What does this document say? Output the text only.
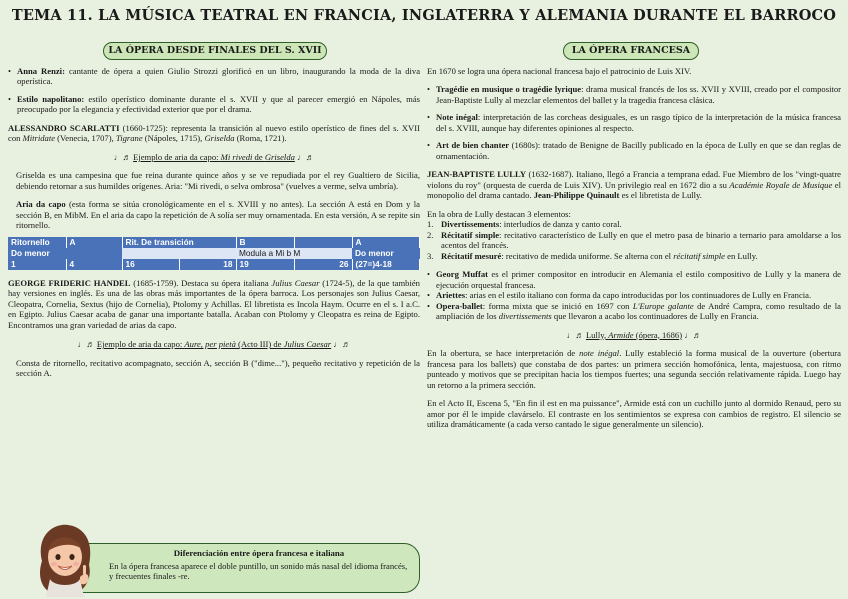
TEMA 11. LA MÚSICA TEATRAL EN FRANCIA, INGLATERRA Y ALEMANIA DURANTE EL BARROCO
LA ÓPERA DESDE FINALES DEL S. XVII	LA ÓPERA FRANCESA
• Anna Renzi: cantante de ópera a quien Giulio Strozzi glorificó en un libro, inaugurando la moda de la diva operística.
• Estilo napolitano: estilo operístico dominante durante el s. XVII y que al parecer emergió en Nápoles, más preocupado por la elegancia y efectividad exterior que por el drama.

ALESSANDRO SCARLATTI (1660-1725): representa la transición al nuevo estilo operístico de fines del s. XVII con Mitridate (Venecia, 1707), Tigrane (Nápoles, 1715), Griselda (Roma, 1721).

♩♬ Ejemplo de aria da capo: Mi rivedi de Griselda ♩♬

Griselda es una campesina que fue reina durante quince años y se ve repudiada por el rey Gualtiero de Sicilia, debiendo retornar a sus humildes orígenes. Aria: "Mi rivedi, o selva ombrosa" (vuelves a verme, selva umbría).

Aria da capo (esta forma se sitúa cronológicamente en el s. XVIII y no antes). La sección A está en Dom y la sección B, en MibM. En el aria da capo la repetición de A solía ser muy ornamentada. En esta versión, A se repite sin ritornello.

Ritornello	A	Rit. De transición		B		A
Do menor				Modula a Mi b M		Do menor
1	4	16	18	19	26	(27=)4-18

GEORGE FRIDERIC HANDEL (1685-1759). Destaca su ópera italiana Julius Caesar (1724-5), de la que también hay versiones en inglés. Es una de las obras más importantes de la ópera barroca. Los personajes son Julius Caesar, Cleopatra, Cornelia, Sextus (hijo de Cornelia), Ptolomy y Achillas. El libretista es Incola Haym. Ocurre en el s. I a.C. en Egipto. Julius Caesar acaba de ganar una importante batalla. Acaban con Ptolomy y Cleopatra es reina de Egipto. Encontramos una gran variedad de arias da capo.

♩♬ Ejemplo de aria da capo: Aure, per pietà (Acto III) de Julius Caesar ♩♬

Consta de ritornello, recitativo acompagnato, sección A, sección B ("dime..."), pequeño recitativo y repetición de la sección A.

Diferenciación entre ópera francesa e italiana
En la ópera francesa aparece el doble puntillo, un sonido más nasal del idioma francés, y frecuentes finales -re.

En 1670 se logra una ópera nacional francesa bajo el patrocinio de Luis XIV.

• Tragédie en musique o tragédie lyrique: drama musical francés de los ss. XVII y XVIII, creado por el compositor Jean-Baptiste Lully al mezclar elementos del ballet y la tragedia francesa clásica.
• Note inégal: interpretación de las corcheas desiguales, es un rasgo típico de la interpretación de la música francesa del s. XVIII, aunque hay diferentes opiniones al respecto.
• Art de bien chanter (1680s): tratado de Benigne de Bacilly publicado en la época de Lully en que se dan reglas de ornamentación.

JEAN-BAPTISTE LULLY (1632-1687). Italiano, llegó a Francia a temprana edad. Fue Miembro de los "vingt-quatre violons du roy" (orquesta de cuerda de Luis XIV). Un privilegio real en 1672 dio a su Académie Royale de Musique el monopolio del drama cantado. Jean-Philippe Quinault es el libretista de Lully.

En la obra de Lully destacan 3 elementos:

1. Divertissements: interludios de danza y canto coral.
2. Récitatif simple: recitativo característico de Lully en que el metro pasa de binario a ternario para amoldarse a los acentos del francés.
3. Récitatif mesuré: recitativo de medida uniforme. Se alterna con el récitatif simple en Lully.
• Georg Muffat es el primer compositor en introducir en Alemania el estilo compositivo de Lully y la manera de ejecución orquestal francesa.
• Ariettes: arias en el estilo italiano con forma da capo introducidas por los continuadores de Lully en Francia.
• Opera-ballet: forma mixta que se inició en 1697 con L'Europe galante de André Campra, como resultado de la ampliación de los divertissements que llevaron a acabo los continuadores de Lully en Francia.
♩♬ Lully, Armide (ópera, 1686) ♩♬

En la obertura, se hace interpretación de note inégal. Lully estableció la forma musical de la ouverture (obertura francesa para los ballets) que constaba de dos partes: un primera sección homofónica, lenta, majestuosa, con ritmo punteado y motivos que se precipitan hacia los tiempos fuertes; una segunda sección relativamente rápida. Luego hay un retorno a la primera sección.

En el Acto II, Escena 5, "En fin il est en ma puissance", Armide está con un cuchillo junto al dormido Renaud, pero su amor por él le impide clavárselo. El contraste en los sentimientos se expresa con cambios de registro. El silencio se utiliza dramáticamente (a cada verso cantado le sigue generalmente un silencio).
